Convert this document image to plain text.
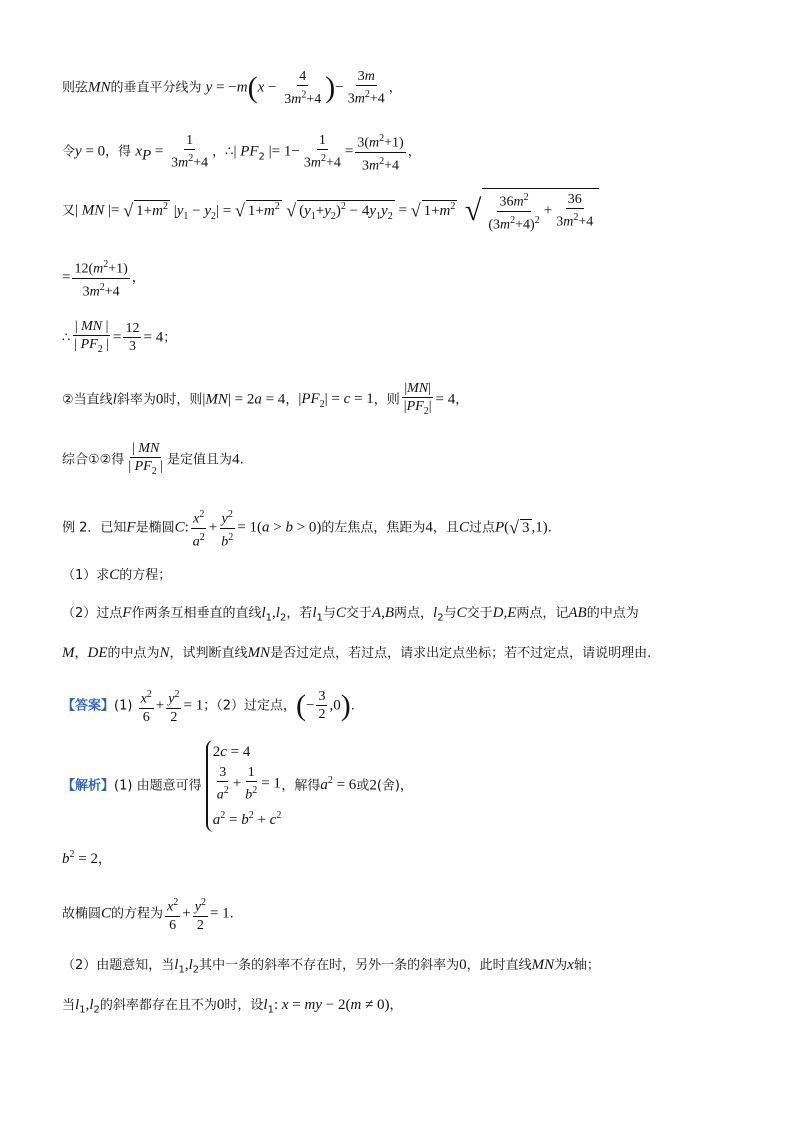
则弦MN的垂直平分线为 $y = -m(x - \frac{4}{3m^2+4}$ )− $\frac{3m}{3m^2+4}$ ，
令y = 0，得 $x_P = \frac{1}{3m^2+4}$ ，∴| $PF_2$ |= $1- \frac{1}{3m^2+4} = \frac{3(m^2+1)}{3m^2+4}$ ，
又| MN |= √ $1+m^2$ $|y_1 - y_2|$ = √ $1+m^2$ √ $(y_1+y_2)^2 - 4y_1y_2$ = √ $1+m^2$ √ $\frac{36m^2}{(3m^2+4)^2} + \frac{36}{3m^2+4}$
= $\frac{12(m^2+1)}{3m^2+4}$ ，
∴ $\frac{| MN |}{| PF_2 |} = \frac{12}{3} = 4$；
②当直线l斜率为0时，则|MN| = 2a = 4，$|PF_2| = c = 1$，则 $\frac{|MN|}{|PF_2|} = 4$，
综合①②得 $\frac{| MN}{| PF_2 |}$ 是定值且为4.
例 2．已知F是椭圆C: $\frac{x^2}{a^2} + \frac{y^2}{b^2} = 1(a > b > 0)$的左焦点，焦距为4，且C过点P(√ 3 ,1).
（1）求C的方程；
（2）过点F作两条互相垂直的直线$l_1,l_2$，若$l_1$与C交于A,B两点，$l_2$与C交于D,E两点，记AB的中点为
M，DE的中点为N，试判断直线MN是否过定点，若过点，请求出定点坐标；若不过定点，请说明理由.
【答案】$(1) \frac{x^2}{6} + \frac{y^2}{2} = 1$；（2）过定点，(− $\frac{3}{2} ,0$).
【解析】(1) 由题意可得
2c = 4
$\frac{3}{a^2} + \frac{1}{b^2} = 1$
$a^2 = b^2 + c^2$
，解得$a^2 = 6$或2(舍)，
$b^2 = 2$，
故椭圆C的方程为 $\frac{x^2}{6} + \frac{y^2}{2} = 1$.
（2）由题意知，当$l_1,l_2$其中一条的斜率不存在时，另外一条的斜率为0，此时直线MN为x轴；
当$l_1,l_2$的斜率都存在且不为0时，设$l_1$: x = my − 2(m ≠ 0)，
